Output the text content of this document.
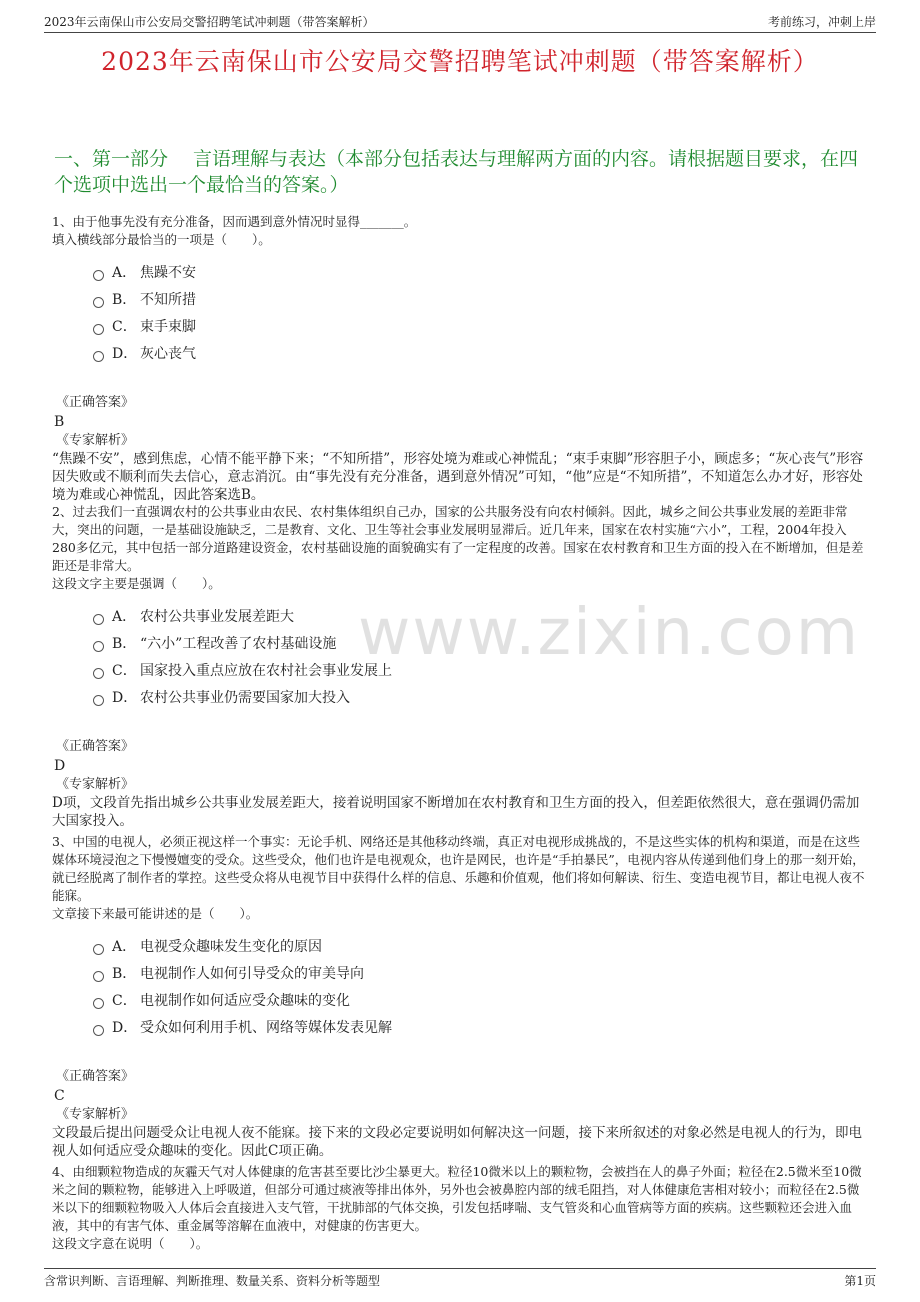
2023年云南保山市公安局交警招聘笔试冲刺题（带答案解析）	考前练习，冲刺上岸
2023年云南保山市公安局交警招聘笔试冲刺题（带答案解析）
一、第一部分　 言语理解与表达（本部分包括表达与理解两方面的内容。请根据题目要求，在四个选项中选出一个最恰当的答案。）
www.zixin.com

1、由于他事先没有充分准备，因而遇到意外情况时显得_______。

填入横线部分最恰当的一项是（　　）。

A． 焦躁不安
B． 不知所措
C． 束手束脚
D． 灰心丧气
《正确答案》
B
《专家解析》
“焦躁不安”，感到焦虑，心情不能平静下来；“不知所措”，形容处境为难或心神慌乱；“束手束脚”形容胆子小，顾虑多；“灰心丧气”形容因失败或不顺利而失去信心，意志消沉。由“事先没有充分准备，遇到意外情况”可知，“他”应是“不知所措”，不知道怎么办才好，形容处境为难或心神慌乱，因此答案选B。

2、过去我们一直强调农村的公共事业由农民、农村集体组织自己办，国家的公共服务没有向农村倾斜。因此，城乡之间公共事业发展的差距非常大，突出的问题，一是基础设施缺乏，二是教育、文化、卫生等社会事业发展明显滞后。近几年来，国家在农村实施“六小”，工程，2004年投入280多亿元，其中包括一部分道路建设资金，农村基础设施的面貌确实有了一定程度的改善。国家在农村教育和卫生方面的投入在不断增加，但是差距还是非常大。

这段文字主要是强调（　　）。

A． 农村公共事业发展差距大
B． “六小”工程改善了农村基础设施
C． 国家投入重点应放在农村社会事业发展上
D． 农村公共事业仍需要国家加大投入
《正确答案》
D
《专家解析》
D项，文段首先指出城乡公共事业发展差距大，接着说明国家不断增加在农村教育和卫生方面的投入，但差距依然很大，意在强调仍需加大国家投入。

3、中国的电视人，必须正视这样一个事实：无论手机、网络还是其他移动终端，真正对电视形成挑战的，不是这些实体的机构和渠道，而是在这些媒体环境浸泡之下慢慢嬗变的受众。这些受众，他们也许是电视观众，也许是网民，也许是“手拍暴民”，电视内容从传递到他们身上的那一刻开始，就已经脱离了制作者的掌控。这些受众将从电视节目中获得什么样的信息、乐趣和价值观，他们将如何解读、衍生、变造电视节目，都让电视人夜不能寐。

文章接下来最可能讲述的是（　　）。

A． 电视受众趣味发生变化的原因
B． 电视制作人如何引导受众的审美导向
C． 电视制作如何适应受众趣味的变化
D． 受众如何利用手机、网络等媒体发表见解
《正确答案》
C
《专家解析》
文段最后提出问题受众让电视人夜不能寐。接下来的文段必定要说明如何解决这一问题，接下来所叙述的对象必然是电视人的行为，即电视人如何适应受众趣味的变化。因此C项正确。

4、由细颗粒物造成的灰霾天气对人体健康的危害甚至要比沙尘暴更大。粒径10微米以上的颗粒物，会被挡在人的鼻子外面；粒径在2.5微米至10微米之间的颗粒物，能够进入上呼吸道，但部分可通过痰液等排出体外，另外也会被鼻腔内部的绒毛阻挡，对人体健康危害相对较小；而粒径在2.5微米以下的细颗粒物吸入人体后会直接进入支气管，干扰肺部的气体交换，引发包括哮喘、支气管炎和心血管病等方面的疾病。这些颗粒还会进入血液，其中的有害气体、重金属等溶解在血液中，对健康的伤害更大。

这段文字意在说明（　　）。

含常识判断、言语理解、判断推理、数量关系、资料分析等题型	第1页
